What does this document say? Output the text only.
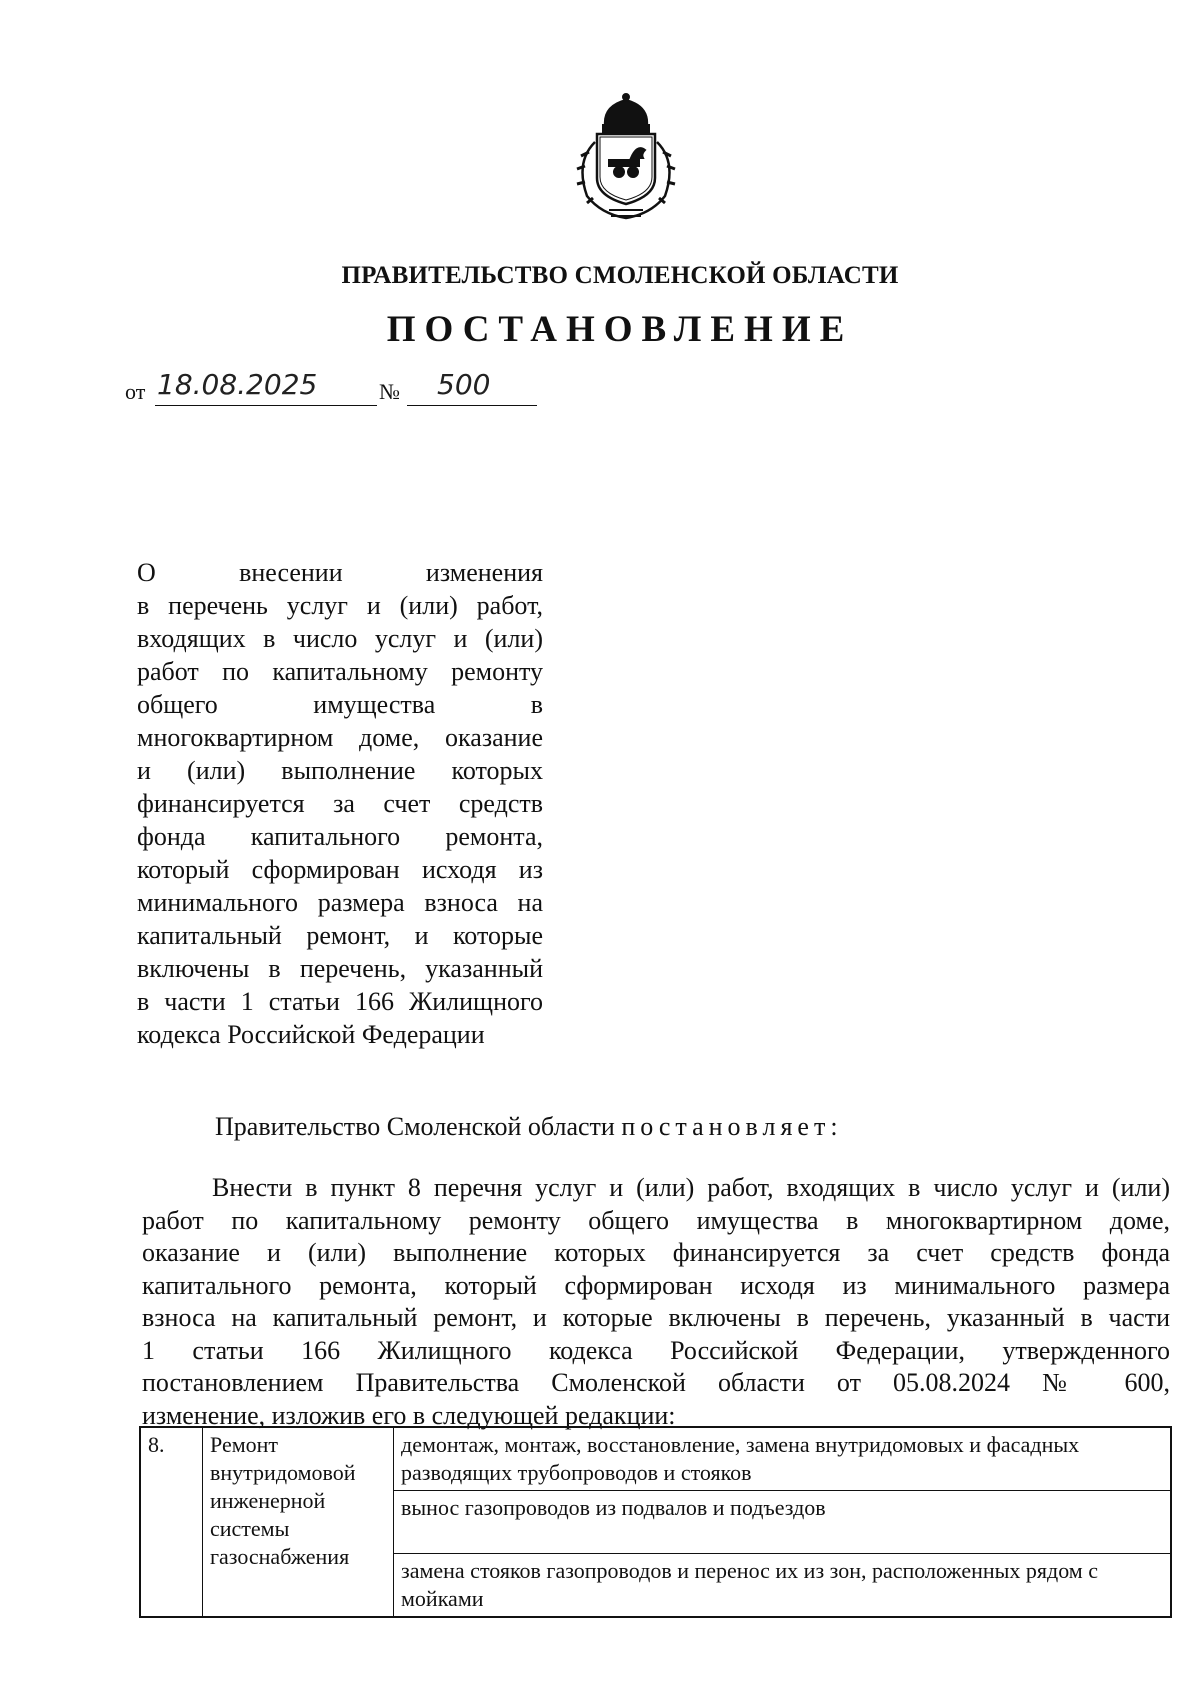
ПРАВИТЕЛЬСТВО СМОЛЕНСКОЙ ОБЛАСТИ
ПОСТАНОВЛЕНИЕ
от 18.08.2025	№ 500
О внесении изменения
в перечень услуг и (или) работ,
входящих в число услуг и (или)
работ по капитальному ремонту
общего имущества в
многоквартирном доме, оказание
и (или) выполнение которых
финансируется за счет средств
фонда капитального ремонта,
который сформирован исходя из
минимального размера взноса на
капитальный ремонт, и которые
включены в перечень, указанный
в части 1 статьи 166 Жилищного
кодекса Российской Федерации
Правительство Смоленской области постановляет:
Внести в пункт 8 перечня услуг и (или) работ, входящих в число услуг и (или)
работ по капитальному ремонту общего имущества в многоквартирном доме,
оказание и (или) выполнение которых финансируется за счет средств фонда
капитального ремонта, который сформирован исходя из минимального размера
взноса на капитальный ремонт, и которые включены в перечень, указанный в части
1 статьи 166 Жилищного кодекса Российской Федерации, утвержденного
постановлением Правительства Смоленской области от 05.08.2024 № 600,
изменение, изложив его в следующей редакции:
8.	Ремонт внутридомовой инженерной системы газоснабжения	демонтаж, монтаж, восстановление, замена внутридомовых и фасадных разводящих трубопроводов и стояков
вынос газопроводов из подвалов и подъездов
замена стояков газопроводов и перенос их из зон, расположенных рядом с мойками
